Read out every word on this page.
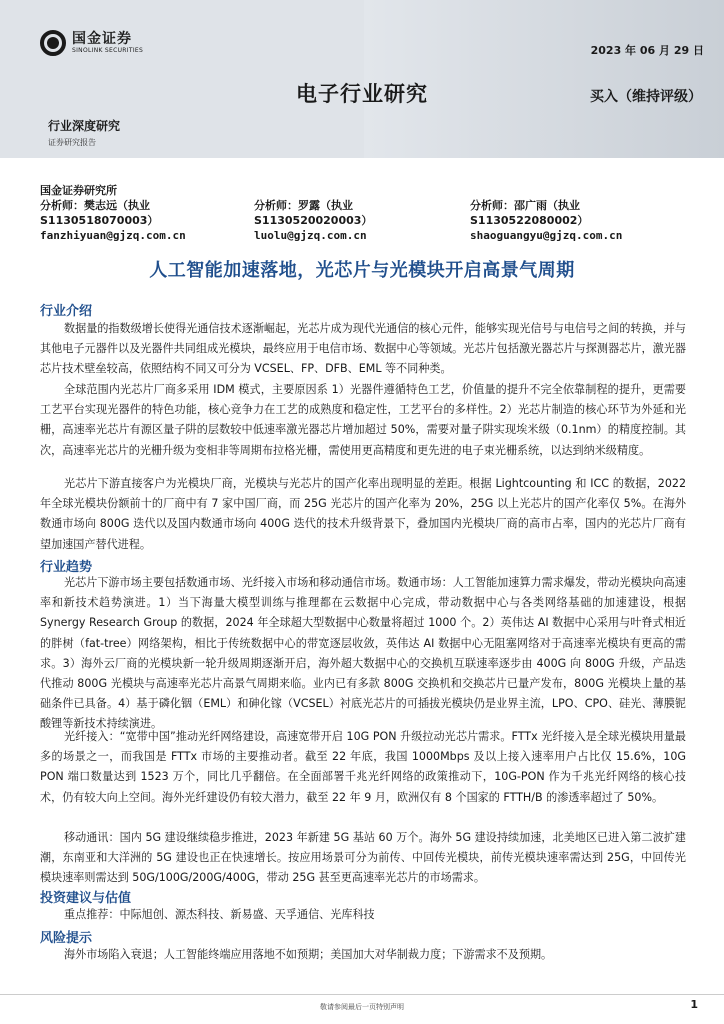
国金证券
SINOLINK SECURITIES	2023 年 06 月 29 日
电子行业研究	买入（维持评级）
行业深度研究
证券研究报告
国金证券研究所
分析师：樊志远（执业
S1130518070003）
fanzhiyuan@gjzq.com.cn
分析师：罗露（执业
S1130520020003）
luolu@gjzq.com.cn
分析师：邵广雨（执业
S1130522080002）
shaoguangyu@gjzq.com.cn
人工智能加速落地，光芯片与光模块开启高景气周期
行业介绍

数据量的指数级增长使得光通信技术逐渐崛起，光芯片成为现代光通信的核心元件，能够实现光信号与电信号之间的转换，并与其他电子元器件以及光器件共同组成光模块，最终应用于电信市场、数据中心等领域。光芯片包括激光器芯片与探测器芯片，激光器芯片技术壁垒较高，依照结构不同又可分为 VCSEL、FP、DFB、EML 等不同种类。

全球范围内光芯片厂商多采用 IDM 模式，主要原因系 1）光器件遵循特色工艺，价值量的提升不完全依靠制程的提升，更需要工艺平台实现光器件的特色功能，核心竞争力在工艺的成熟度和稳定性，工艺平台的多样性。2）光芯片制造的核心环节为外延和光栅，高速率光芯片有源区量子阱的层数较中低速率激光器芯片增加超过 50%，需要对量子阱实现埃米级（0.1nm）的精度控制。其次，高速率光芯片的光栅升级为变相非等周期布拉格光栅，需使用更高精度和更先进的电子束光栅系统，以达到纳米级精度。

光芯片下游直接客户为光模块厂商，光模块与光芯片的国产化率出现明显的差距。根据 Lightcounting 和 ICC 的数据，2022 年全球光模块份额前十的厂商中有 7 家中国厂商，而 25G 光芯片的国产化率为 20%，25G 以上光芯片的国产化率仅 5%。在海外数通市场向 800G 迭代以及国内数通市场向 400G 迭代的技术升级背景下，叠加国内光模块厂商的高市占率，国内的光芯片厂商有望加速国产替代进程。

行业趋势

光芯片下游市场主要包括数通市场、光纤接入市场和移动通信市场。数通市场：人工智能加速算力需求爆发，带动光模块向高速率和新技术趋势演进。1）当下海量大模型训练与推理都在云数据中心完成，带动数据中心与各类网络基础的加速建设，根据 Synergy Research Group 的数据，2024 年全球超大型数据中心数量将超过 1000 个。2）英伟达 AI 数据中心采用与叶脊式相近的胖树（fat-tree）网络架构，相比于传统数据中心的带宽逐层收敛，英伟达 AI 数据中心无阻塞网络对于高速率光模块有更高的需求。3）海外云厂商的光模块新一轮升级周期逐渐开启，海外超大数据中心的交换机互联速率逐步由 400G 向 800G 升级，产品迭代推动 800G 光模块与高速率光芯片高景气周期来临。业内已有多款 800G 交换机和交换芯片已量产发布，800G 光模块上量的基础条件已具备。4）基于磷化铟（EML）和砷化镓（VCSEL）衬底光芯片的可插拔光模块仍是业界主流，LPO、CPO、硅光、薄膜铌酸锂等新技术持续演进。

光纤接入：“宽带中国”推动光纤网络建设，高速宽带开启 10G PON 升级拉动光芯片需求。FTTx 光纤接入是全球光模块用量最多的场景之一，而我国是 FTTx 市场的主要推动者。截至 22 年底，我国 1000Mbps 及以上接入速率用户占比仅 15.6%，10G PON 端口数量达到 1523 万个，同比几乎翻倍。在全面部署千兆光纤网络的政策推动下，10G-PON 作为千兆光纤网络的核心技术，仍有较大向上空间。海外光纤建设仍有较大潜力，截至 22 年 9 月，欧洲仅有 8 个国家的 FTTH/B 的渗透率超过了 50%。

移动通讯：国内 5G 建设继续稳步推进，2023 年新建 5G 基站 60 万个。海外 5G 建设持续加速，北美地区已进入第二波扩建潮，东南亚和大洋洲的 5G 建设也正在快速增长。按应用场景可分为前传、中回传光模块，前传光模块速率需达到 25G，中回传光模块速率则需达到 50G/100G/200G/400G，带动 25G 甚至更高速率光芯片的市场需求。

投资建议与估值

重点推荐：中际旭创、源杰科技、新易盛、天孚通信、光库科技

风险提示

海外市场陷入衰退；人工智能终端应用落地不如预期；美国加大对华制裁力度；下游需求不及预期。

敬请参阅最后一页特别声明	1
